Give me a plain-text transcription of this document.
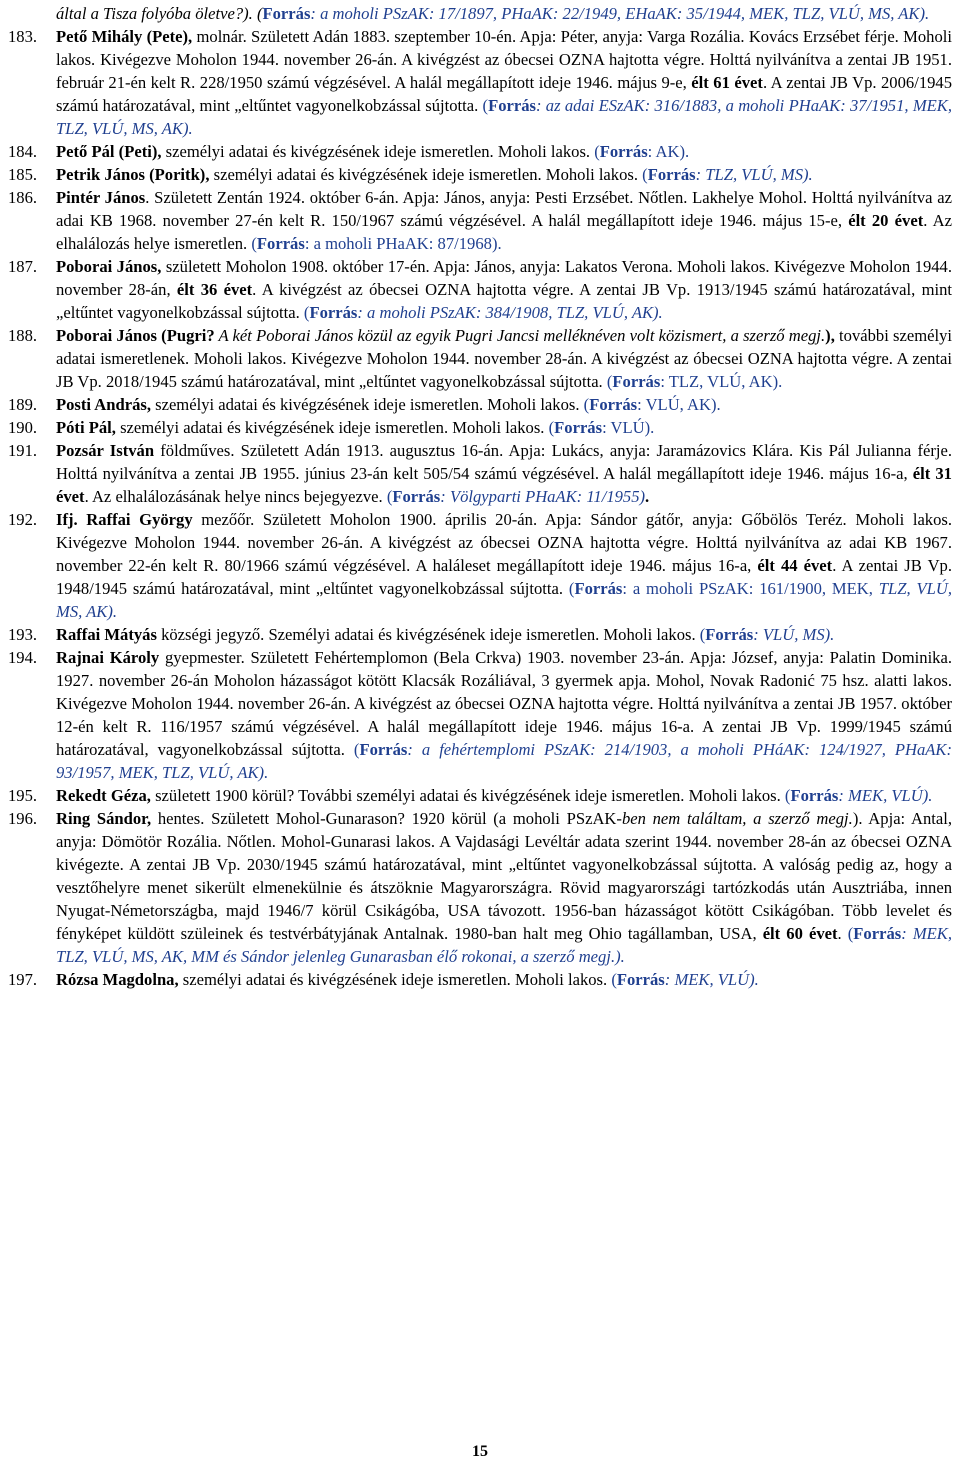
által a Tisza folyóba öletve?). (Forrás: a moholi PSzAK: 17/1897, PHaAK: 22/1949, EHaAK: 35/1944, MEK, TLZ, VLÚ, MS, AK).
183.	Pető Mihály (Pete), molnár. Született Adán 1883. szeptember 10-én. Apja: Péter, anyja: Varga Rozália. Kovács Erzsébet férje. Moholi lakos. Kivégezve Moholon 1944. november 26-án. A kivégzést az óbecsei OZNA hajtotta végre. Holttá nyilvánítva a zentai JB 1951. február 21-én kelt R. 228/1950 számú végzésével. A halál megállapított ideje 1946. május 9-e, élt 61 évet. A zentai JB Vp. 2006/1945 számú határozatával, mint „eltűntet vagyonelkobzással sújtotta. (Forrás: az adai ESzAK: 316/1883, a moholi PHaAK: 37/1951, MEK, TLZ, VLÚ, MS, AK).
184.	Pető Pál (Peti), személyi adatai és kivégzésének ideje ismeretlen. Moholi lakos. (Forrás: AK).
185.	Petrik János (Poritk), személyi adatai és kivégzésének ideje ismeretlen. Moholi lakos. (Forrás: TLZ, VLÚ, MS).
186.	Pintér János. Született Zentán 1924. október 6-án. Apja: János, anyja: Pesti Erzsébet. Nőtlen. Lakhelye Mohol. Holttá nyilvánítva az adai KB 1968. november 27-én kelt R. 150/1967 számú végzésével. A halál megállapított ideje 1946. május 15-e, élt 20 évet. Az elhalálozás helye ismeretlen. (Forrás: a moholi PHaAK: 87/1968).
187.	Poborai János, született Moholon 1908. október 17-én. Apja: János, anyja: Lakatos Verona. Moholi lakos. Kivégezve Moholon 1944. november 28-án, élt 36 évet. A kivégzést az óbecsei OZNA hajtotta végre. A zentai JB Vp. 1913/1945 számú határozatával, mint „eltűntet vagyonelkobzással sújtotta. (Forrás: a moholi PSzAK: 384/1908, TLZ, VLÚ, AK).
188.	Poborai János (Pugri? A két Poborai János közül az egyik Pugri Jancsi melléknéven volt közismert, a szerző megj.), további személyi adatai ismeretlenek. Moholi lakos. Kivégezve Moholon 1944. november 28-án. A kivégzést az óbecsei OZNA hajtotta végre. A zentai JB Vp. 2018/1945 számú határozatával, mint „eltűntet vagyonelkobzással sújtotta. (Forrás: TLZ, VLÚ, AK).
189.	Posti András, személyi adatai és kivégzésének ideje ismeretlen. Moholi lakos. (Forrás: VLÚ, AK).
190.	Póti Pál, személyi adatai és kivégzésének ideje ismeretlen. Moholi lakos. (Forrás: VLÚ).
191.	Pozsár István földműves. Született Adán 1913. augusztus 16-án. Apja: Lukács, anyja: Jaramázovics Klára. Kis Pál Julianna férje. Holttá nyilvánítva a zentai JB 1955. június 23-án kelt 505/54 számú végzésével. A halál megállapított ideje 1946. május 16-a, élt 31 évet. Az elhalálozásának helye nincs bejegyezve. (Forrás: Völgyparti PHaAK: 11/1955).
192.	Ifj. Raffai György mezőőr. Született Moholon 1900. április 20-án. Apja: Sándor gátőr, anyja: Gőbölös Teréz. Moholi lakos. Kivégezve Moholon 1944. november 26-án. A kivégzést az óbecsei OZNA hajtotta végre. Holttá nyilvánítva az adai KB 1967. november 22-én kelt R. 80/1966 számú végzésével. A haláleset megállapított ideje 1946. május 16-a, élt 44 évet. A zentai JB Vp. 1948/1945 számú határozatával, mint „eltűntet vagyonelkobzással sújtotta. (Forrás: a moholi PSzAK: 161/1900, MEK, TLZ, VLÚ, MS, AK).
193.	Raffai Mátyás községi jegyző. Személyi adatai és kivégzésének ideje ismeretlen. Moholi lakos. (Forrás: VLÚ, MS).
194.	Rajnai Károly gyepmester. Született Fehértemplomon (Bela Crkva) 1903. november 23-án. Apja: József, anyja: Palatin Dominika. 1927. november 26-án Moholon házasságot kötött Klacsák Rozáliával, 3 gyermek apja. Mohol, Novak Radonić 75 hsz. alatti lakos. Kivégezve Moholon 1944. november 26-án. A kivégzést az óbecsei OZNA hajtotta végre. Holttá nyilvánítva a zentai JB 1957. október 12-én kelt R. 116/1957 számú végzésével. A halál megállapított ideje 1946. május 16-a. A zentai JB Vp. 1999/1945 számú határozatával, vagyonelkobzással sújtotta. (Forrás: a fehértemplomi PSzAK: 214/1903, a moholi PHáAK: 124/1927, PHaAK: 93/1957, MEK, TLZ, VLÚ, AK).
195.	Rekedt Géza, született 1900 körül? További személyi adatai és kivégzésének ideje ismeretlen. Moholi lakos. (Forrás: MEK, VLÚ).
196.	Ring Sándor, hentes. Született Mohol-Gunarason? 1920 körül (a moholi PSzAK-ben nem találtam, a szerző megj.). Apja: Antal, anyja: Dömötör Rozália. Nőtlen. Mohol-Gunarasi lakos. A Vajdasági Levéltár adata szerint 1944. november 28-án az óbecsei OZNA kivégezte. A zentai JB Vp. 2030/1945 számú határozatával, mint „eltűntet vagyonelkobzással sújtotta. A valóság pedig az, hogy a vesztőhelyre menet sikerült elmenekülnie és átszöknie Magyarországra. Rövid magyarországi tartózkodás után Ausztriába, innen Nyugat-Németországba, majd 1946/7 körül Csikágóba, USA távozott. 1956-ban házasságot kötött Csikágóban. Több levelet és fényképet küldött szüleinek és testvérbátyjának Antalnak. 1980-ban halt meg Ohio tagállamban, USA, élt 60 évet. (Forrás: MEK, TLZ, VLÚ, MS, AK, MM és Sándor jelenleg Gunarasban élő rokonai, a szerző megj.).
197.	Rózsa Magdolna, személyi adatai és kivégzésének ideje ismeretlen. Moholi lakos. (Forrás: MEK, VLÚ).
15
